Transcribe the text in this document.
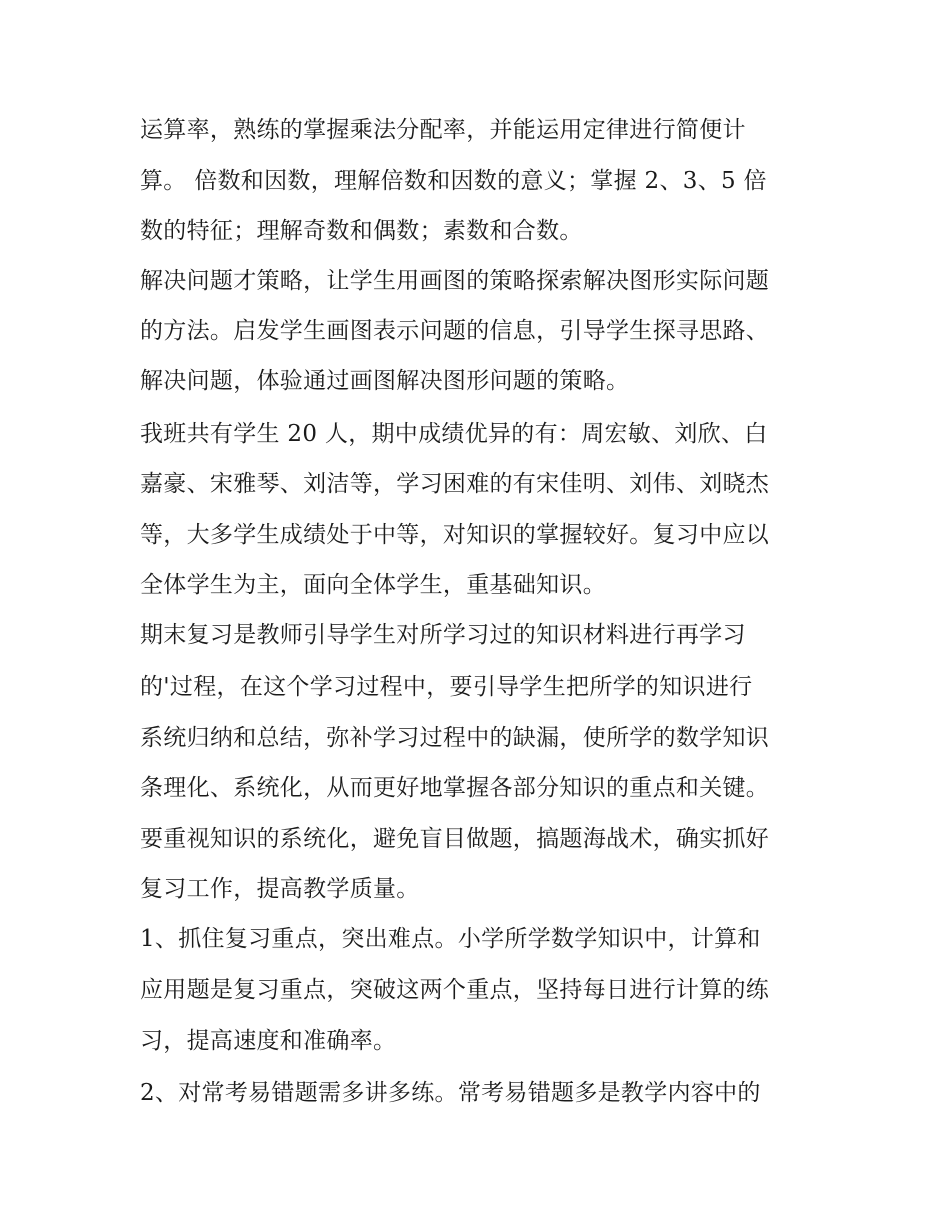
运算率，熟练的掌握乘法分配率，并能运用定律进行简便计
算。 倍数和因数，理解倍数和因数的意义；掌握 2、3、5 倍
数的特征；理解奇数和偶数；素数和合数。
解决问题才策略，让学生用画图的策略探索解决图形实际问题
的方法。启发学生画图表示问题的信息，引导学生探寻思路、
解决问题，体验通过画图解决图形问题的策略。
我班共有学生 20 人，期中成绩优异的有：周宏敏、刘欣、白
嘉豪、宋雅琴、刘洁等，学习困难的有宋佳明、刘伟、刘晓杰
等，大多学生成绩处于中等，对知识的掌握较好。复习中应以
全体学生为主，面向全体学生，重基础知识。
期末复习是教师引导学生对所学习过的知识材料进行再学习
的'过程，在这个学习过程中，要引导学生把所学的知识进行
系统归纳和总结，弥补学习过程中的缺漏，使所学的数学知识
条理化、系统化，从而更好地掌握各部分知识的重点和关键。
要重视知识的系统化，避免盲目做题，搞题海战术，确实抓好
复习工作，提高教学质量。
1、抓住复习重点，突出难点。小学所学数学知识中，计算和
应用题是复习重点，突破这两个重点，坚持每日进行计算的练
习，提高速度和准确率。
2、对常考易错题需多讲多练。常考易错题多是教学内容中的
